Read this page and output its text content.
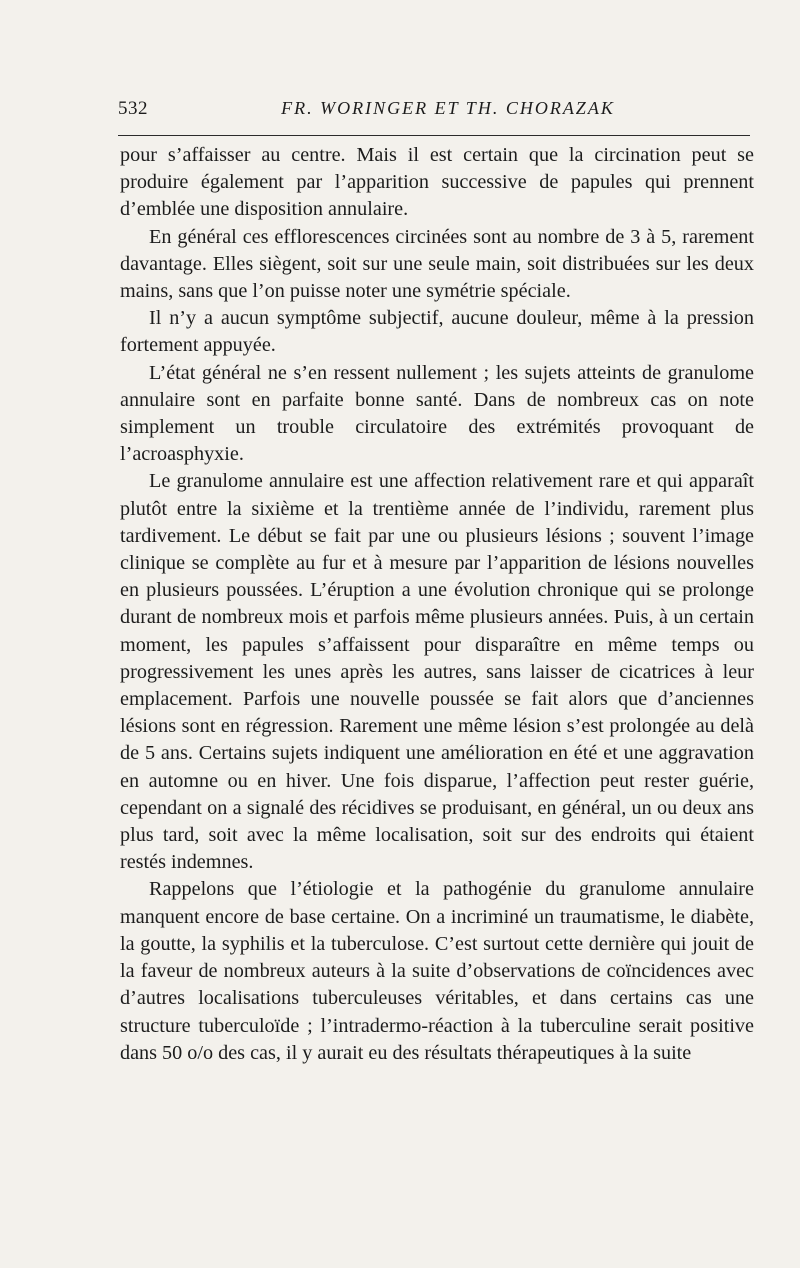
532	FR. WORINGER ET TH. CHORAZAK

pour s’affaisser au centre. Mais il est certain que la circination peut se produire également par l’apparition successive de papules qui prennent d’emblée une disposition annulaire.

En général ces efflorescences circinées sont au nombre de 3 à 5, rarement davantage. Elles siègent, soit sur une seule main, soit distribuées sur les deux mains, sans que l’on puisse noter une symétrie spéciale.

Il n’y a aucun symptôme subjectif, aucune douleur, même à la pression fortement appuyée.

L’état général ne s’en ressent nullement ; les sujets atteints de granulome annulaire sont en parfaite bonne santé. Dans de nombreux cas on note simplement un trouble circulatoire des extrémités provoquant de l’acroasphyxie.

Le granulome annulaire est une affection relativement rare et qui apparaît plutôt entre la sixième et la trentième année de l’individu, rarement plus tardivement. Le début se fait par une ou plusieurs lésions ; souvent l’image clinique se complète au fur et à mesure par l’apparition de lésions nouvelles en plusieurs poussées. L’éruption a une évolution chronique qui se prolonge durant de nombreux mois et parfois même plusieurs années. Puis, à un certain moment, les papules s’affaissent pour disparaître en même temps ou progressivement les unes après les autres, sans laisser de cicatrices à leur emplacement. Parfois une nouvelle poussée se fait alors que d’anciennes lésions sont en régression. Rarement une même lésion s’est prolongée au delà de 5 ans. Certains sujets indiquent une amélioration en été et une aggravation en automne ou en hiver. Une fois disparue, l’affection peut rester guérie, cependant on a signalé des récidives se produisant, en général, un ou deux ans plus tard, soit avec la même localisation, soit sur des endroits qui étaient restés indemnes.

Rappelons que l’étiologie et la pathogénie du granulome annulaire manquent encore de base certaine. On a incriminé un traumatisme, le diabète, la goutte, la syphilis et la tuberculose. C’est surtout cette dernière qui jouit de la faveur de nombreux auteurs à la suite d’observations de coïncidences avec d’autres localisations tuberculeuses véritables, et dans certains cas une structure tuberculoïde ; l’intradermo-réaction à la tuberculine serait positive dans 50 o/o des cas, il y aurait eu des résultats thérapeutiques à la suite
